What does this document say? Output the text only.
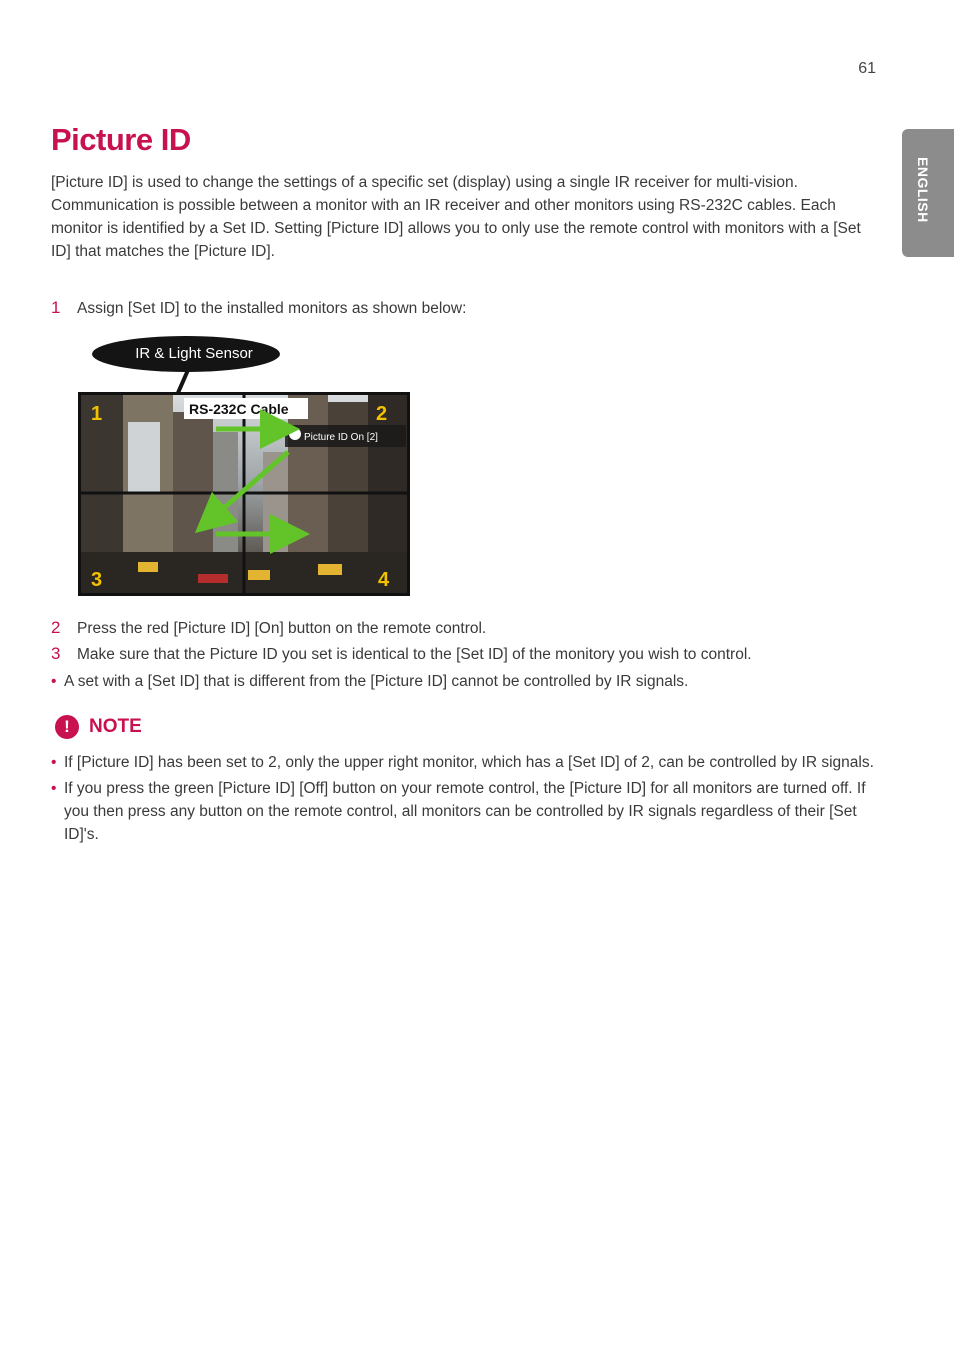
61
ENGLISH
Picture ID

[Picture ID] is used to change the settings of a specific set (display) using a single IR receiver for multi-vision. Communication is possible between a monitor with an IR receiver and other monitors using RS-232C cables. Each monitor is identified by a Set ID. Setting [Picture ID] allows you to only use the remote control with monitors with a [Set ID] that matches the [Picture ID].

1 Assign [Set ID] to the installed monitors as shown below:
IR & Light Sensor
RS-232C Cable
Picture ID On [2]
1	2
3	4
2 Press the red [Picture ID] [On] button on the remote control.
3 Make sure that the Picture ID you set is identical to the [Set ID] of the monitory you wish to control.
• A set with a [Set ID] that is different from the [Picture ID] cannot be controlled by IR signals.
!	NOTE
• If [Picture ID] has been set to 2, only the upper right monitor, which has a [Set ID] of 2, can be controlled by IR signals.
• If you press the green [Picture ID] [Off] button on your remote control, the [Picture ID] for all monitors are turned off. If you then press any button on the remote control, all monitors can be controlled by IR signals regardless of their [Set ID]'s.
